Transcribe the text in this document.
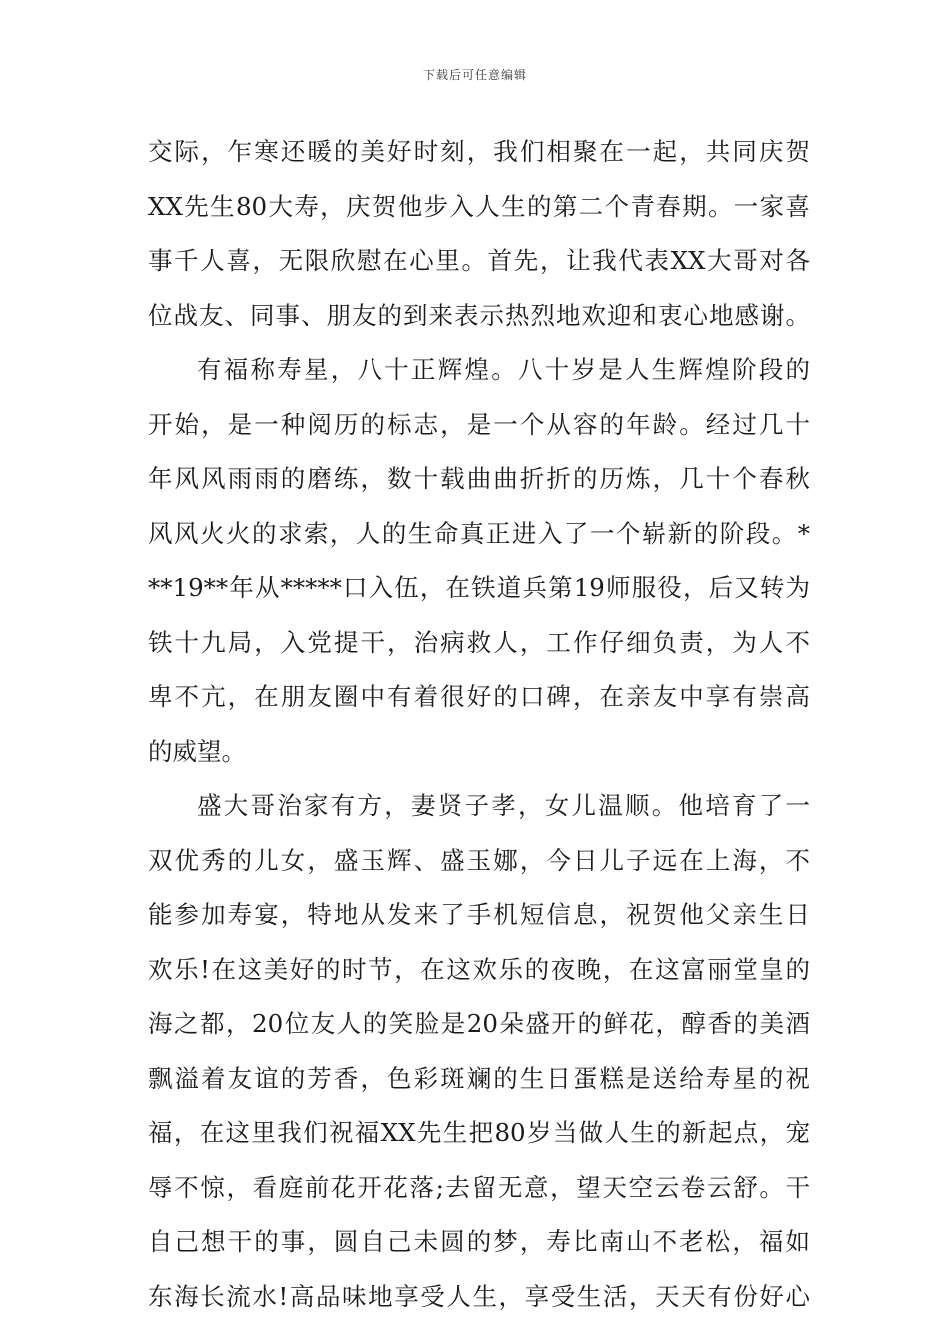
下载后可任意编辑
交际，乍寒还暖的美好时刻，我们相聚在一起，共同庆贺
XX先生80大寿，庆贺他步入人生的第二个青春期。一家喜
事千人喜，无限欣慰在心里。首先，让我代表XX大哥对各
位战友、同事、朋友的到来表示热烈地欢迎和衷心地感谢。
有福称寿星，八十正辉煌。八十岁是人生辉煌阶段的
开始，是一种阅历的标志，是一个从容的年龄。经过几十
年风风雨雨的磨练，数十载曲曲折折的历炼，几十个春秋
风风火火的求索，人的生命真正进入了一个崭新的阶段。*
**19**年从*****口入伍，在铁道兵第19师服役，后又转为
铁十九局，入党提干，治病救人，工作仔细负责，为人不
卑不亢，在朋友圈中有着很好的口碑，在亲友中享有崇高
的威望。
盛大哥治家有方，妻贤子孝，女儿温顺。他培育了一
双优秀的儿女，盛玉辉、盛玉娜，今日儿子远在上海，不
能参加寿宴，特地从发来了手机短信息，祝贺他父亲生日
欢乐!在这美好的时节，在这欢乐的夜晚，在这富丽堂皇的
海之都，20位友人的笑脸是20朵盛开的鲜花，醇香的美酒
飘溢着友谊的芳香，色彩斑斓的生日蛋糕是送给寿星的祝
福，在这里我们祝福XX先生把80岁当做人生的新起点，宠
辱不惊，看庭前花开花落;去留无意，望天空云卷云舒。干
自己想干的事，圆自己未圆的梦，寿比南山不老松，福如
东海长流水!高品味地享受人生，享受生活，天天有份好心
